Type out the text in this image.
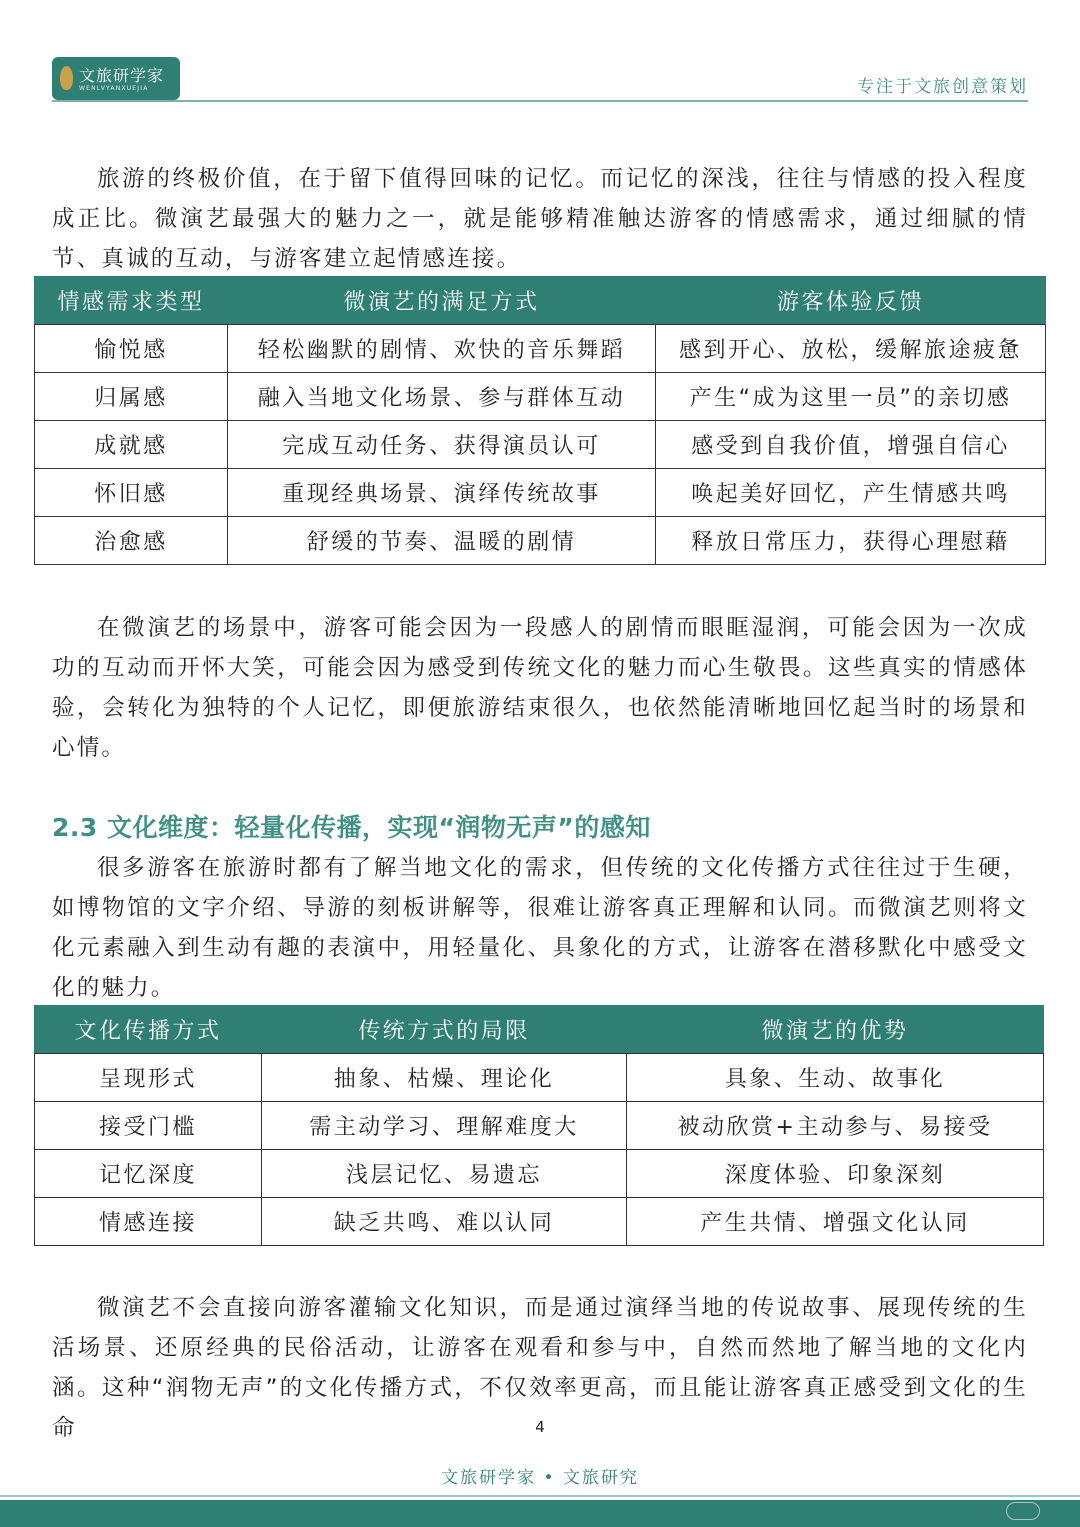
文旅研学家
WENLVYANXUEJIA	专注于文旅创意策划

旅游的终极价值，在于留下值得回味的记忆。而记忆的深浅，往往与情感的投入程度成正比。微演艺最强大的魅力之一，就是能够精准触达游客的情感需求，通过细腻的情节、真诚的互动，与游客建立起情感连接。

情感需求类型	微演艺的满足方式	游客体验反馈
愉悦感	轻松幽默的剧情、欢快的音乐舞蹈	感到开心、放松，缓解旅途疲惫
归属感	融入当地文化场景、参与群体互动	产生“成为这里一员”的亲切感
成就感	完成互动任务、获得演员认可	感受到自我价值，增强自信心
怀旧感	重现经典场景、演绎传统故事	唤起美好回忆，产生情感共鸣
治愈感	舒缓的节奏、温暖的剧情	释放日常压力，获得心理慰藉

在微演艺的场景中，游客可能会因为一段感人的剧情而眼眶湿润，可能会因为一次成功的互动而开怀大笑，可能会因为感受到传统文化的魅力而心生敬畏。这些真实的情感体验，会转化为独特的个人记忆，即便旅游结束很久，也依然能清晰地回忆起当时的场景和心情。

2.3 文化维度：轻量化传播，实现“润物无声”的感知

很多游客在旅游时都有了解当地文化的需求，但传统的文化传播方式往往过于生硬，如博物馆的文字介绍、导游的刻板讲解等，很难让游客真正理解和认同。而微演艺则将文化元素融入到生动有趣的表演中，用轻量化、具象化的方式，让游客在潜移默化中感受文化的魅力。

文化传播方式	传统方式的局限	微演艺的优势
呈现形式	抽象、枯燥、理论化	具象、生动、故事化
接受门槛	需主动学习、理解难度大	被动欣赏+主动参与、易接受
记忆深度	浅层记忆、易遗忘	深度体验、印象深刻
情感连接	缺乏共鸣、难以认同	产生共情、增强文化认同

微演艺不会直接向游客灌输文化知识，而是通过演绎当地的传说故事、展现传统的生活场景、还原经典的民俗活动，让游客在观看和参与中，自然而然地了解当地的文化内涵。这种“润物无声”的文化传播方式，不仅效率更高，而且能让游客真正感受到文化的生命	4
文旅研学家 • 文旅研究
